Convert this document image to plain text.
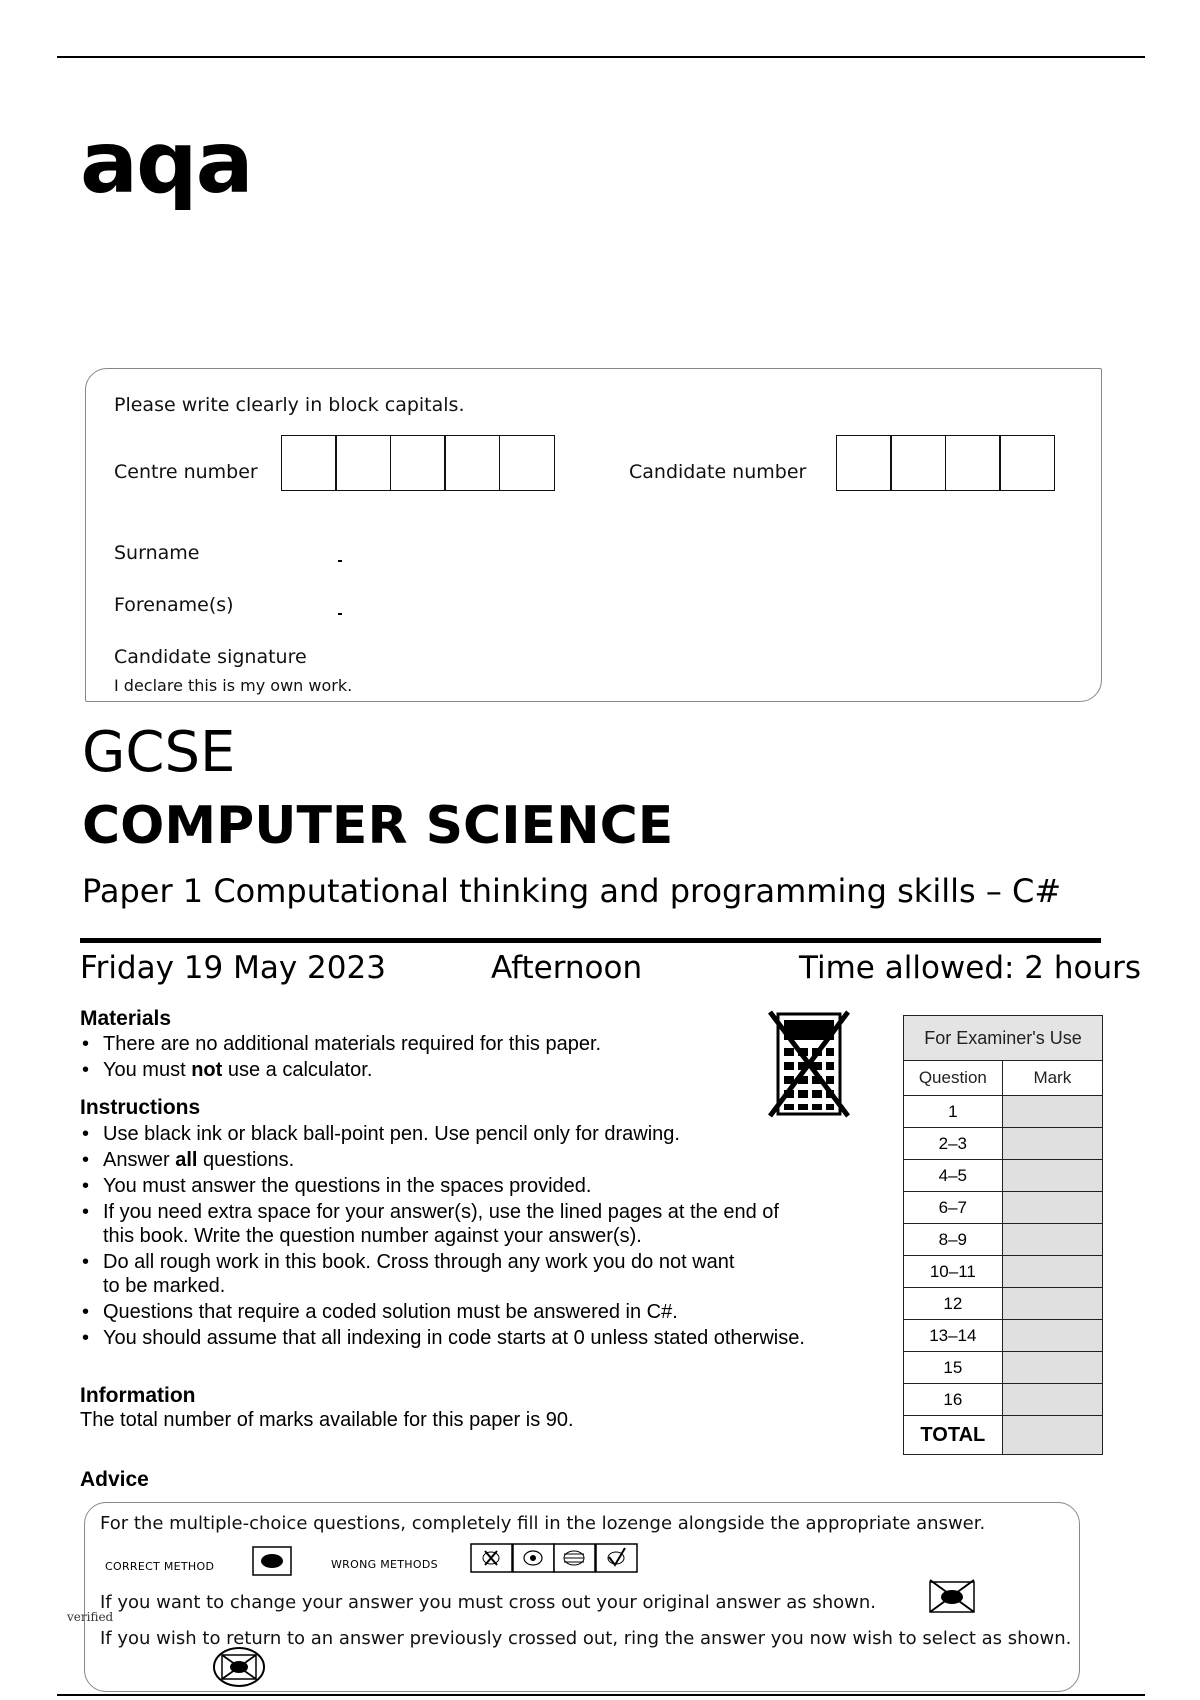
aqa
Please write clearly in block capitals.
Centre number	Candidate number
Surname
Forename(s)
Candidate signature
I declare this is my own work.
GCSE
COMPUTER SCIENCE
Paper 1 Computational thinking and programming skills – C#
Friday 19 May 2023	Afternoon	Time allowed: 2 hours
Materials
• There are no additional materials required for this paper.
• You must not use a calculator.
Instructions
• Use black ink or black ball-point pen. Use pencil only for drawing.
• Answer all questions.
• You must answer the questions in the spaces provided.
• If you need extra space for your answer(s), use the lined pages at the end of
this book. Write the question number against your answer(s).
• Do all rough work in this book. Cross through any work you do not want
to be marked.
• Questions that require a coded solution must be answered in C#.
• You should assume that all indexing in code starts at 0 unless stated otherwise.
Information
The total number of marks available for this paper is 90.
For Examiner's Use	
Question	Mark
1	
2–3	
4–5	
6–7	
8–9	
10–11	
12	
13–14	
15	
16	
TOTAL	
Advice
For the multiple-choice questions, completely fill in the lozenge alongside the appropriate answer.
CORRECT METHOD	WRONG METHODS
If you want to change your answer you must cross out your original answer as shown.
verified
If you wish to return to an answer previously crossed out, ring the answer you now wish to select as shown.
